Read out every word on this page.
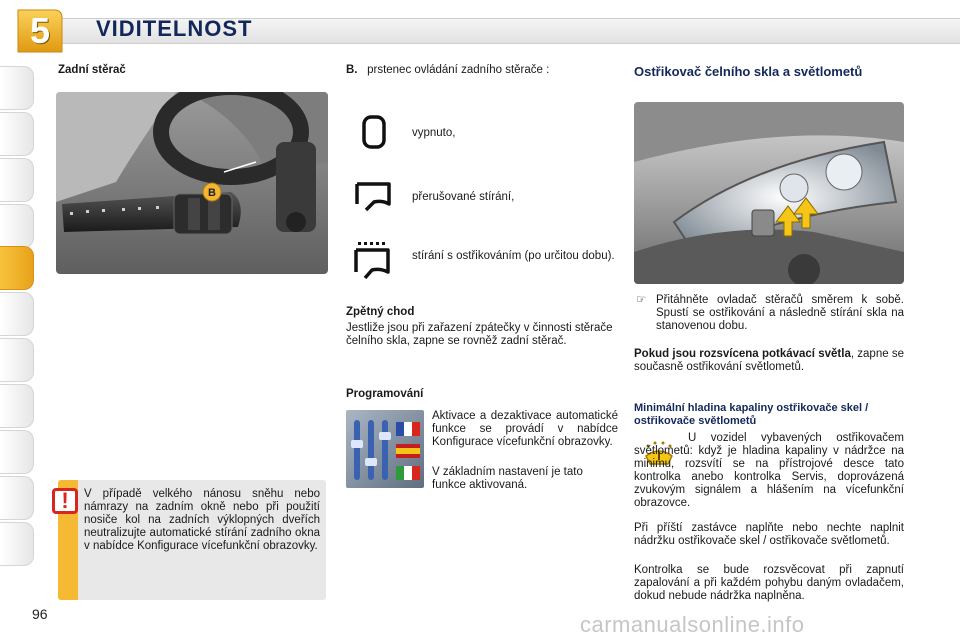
5	VIDITELNOST
Zadní stěrač
B
!	V případě velkého nánosu sněhu nebo námrazy na zadním okně nebo při použití nosiče kol na zadních výklopných dveřích neutralizujte automatické stírání zadního okna v nabídce Konfigurace vícefunkční obrazovky.
B. prstenec ovládání zadního stěrače :
vypnuto,
přerušované stírání,
stírání s ostřikováním (po určitou dobu).
Zpětný chod
Jestliže jsou při zařazení zpátečky v činnosti stěrače čelního skla, zapne se rovněž zadní stěrač.
Programování
Aktivace a dezaktivace automatické funkce se provádí v nabídce Konfigurace vícefunkční obrazovky.
V základním nastavení je tato funkce aktivovaná.
Ostřikovač čelního skla a světlometů
☞ Přitáhněte ovladač stěračů směrem k sobě. Spustí se ostřikování a následně stírání skla na stanovenou dobu.
Pokud jsou rozsvícena potkávací světla, zapne se současně ostřikování světlometů.
Minimální hladina kapaliny ostřikovače skel / ostřikovače světlometů
U vozidel vybavených ostřikovačem světlometů: když je hladina kapaliny v nádržce na minimu, rozsvítí se na přístrojové desce tato kontrolka anebo kontrolka Servis, doprovázená zvukovým signálem a hlášením na vícefunkční obrazovce.
Při příští zastávce naplňte nebo nechte naplnit nádržku ostřikovače skel / ostřikovače světlometů.
Kontrolka se bude rozsvěcovat při zapnutí zapalování a při každém pohybu daným ovladačem, dokud nebude nádržka naplněna.
96	carmanualsonline.info
